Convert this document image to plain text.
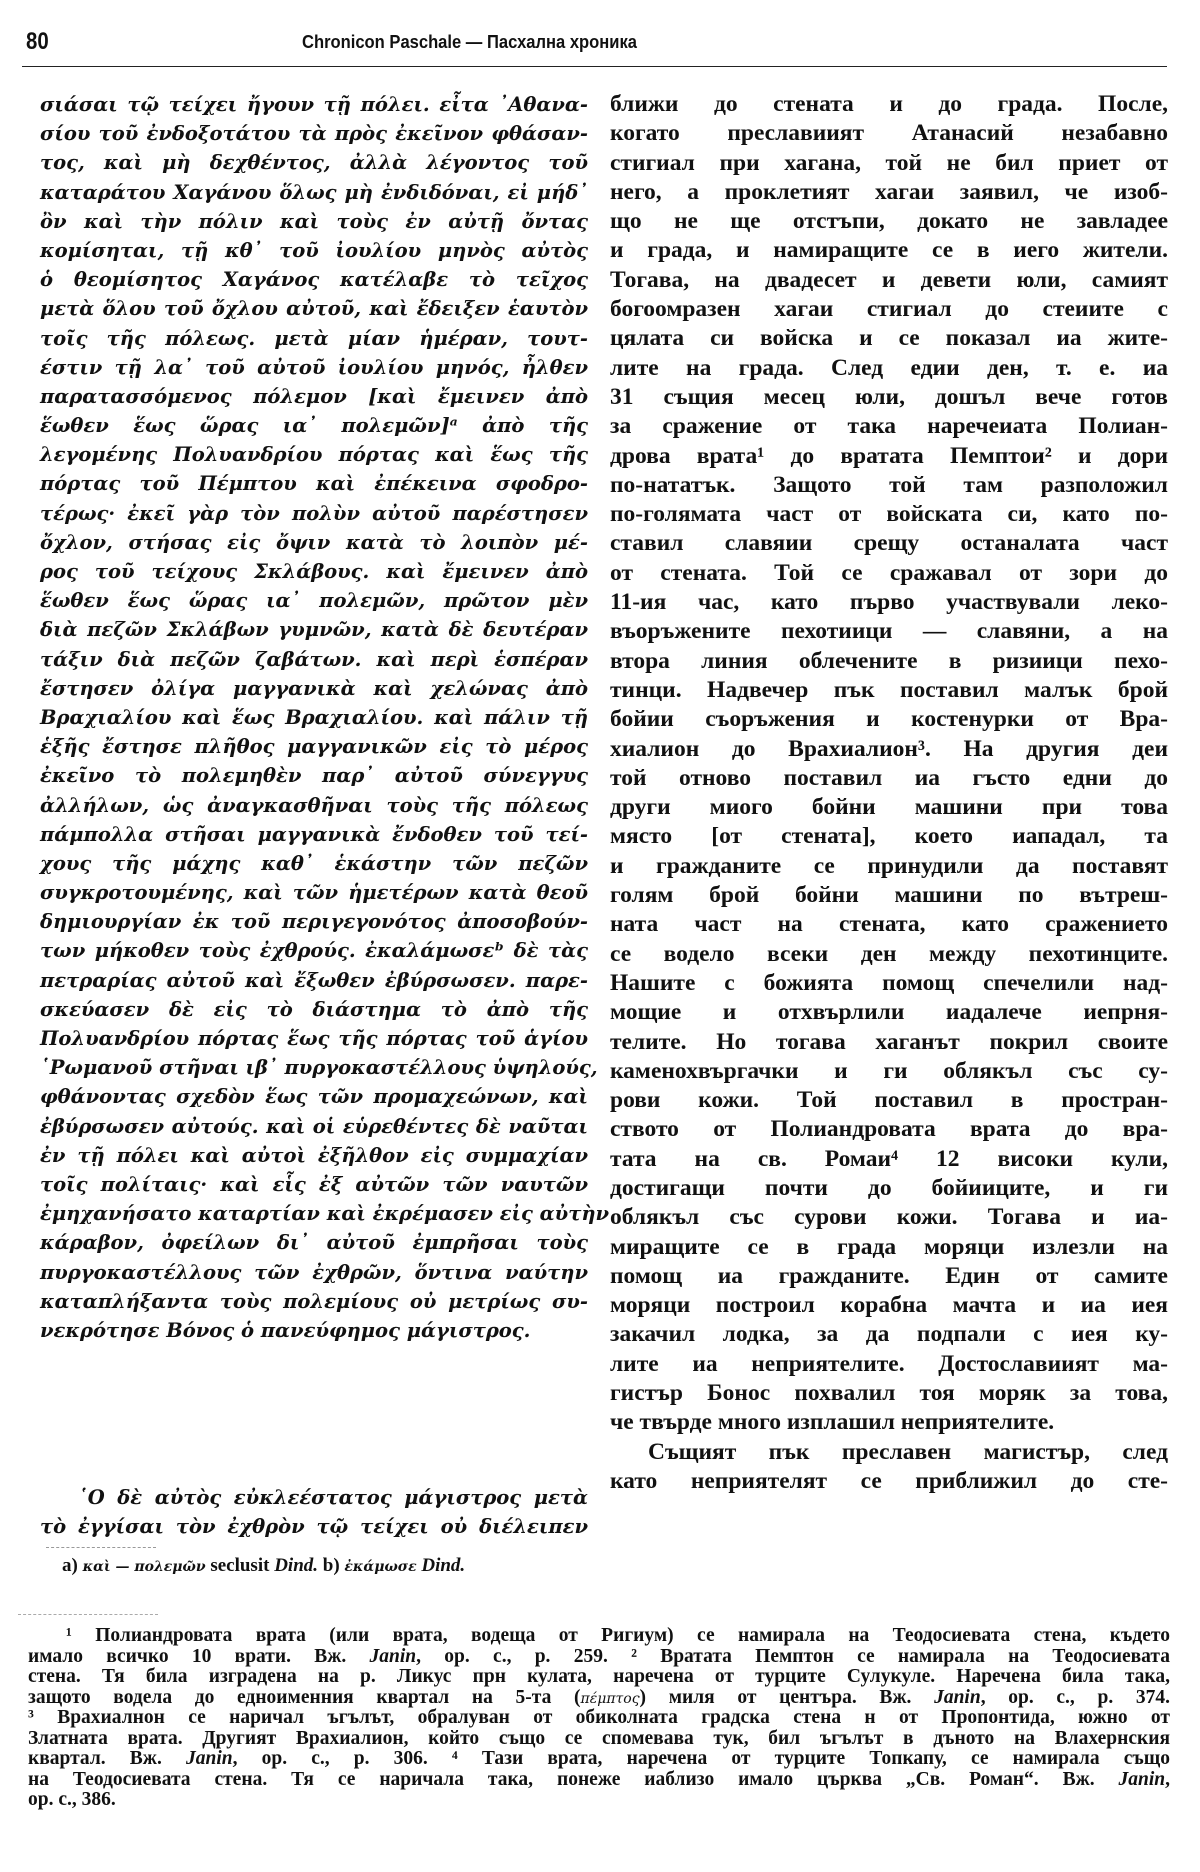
80	Chronicon Paschale — Пасхална хроника
σιάσαι τῷ τείχει ἤγουν τῇ πόλει. εἶτα ᾽Αθανα-
σίου τοῦ ἐνδοξοτάτου τὰ πρὸς ἐκεῖνον φθάσαν-
τος, καὶ μὴ δεχθέντος, ἀλλὰ λέγοντος τοῦ
καταράτου Χαγάνου ὅλως μὴ ἐνδιδόναι, εἰ μήδ᾽
ὂν καὶ τὴν πόλιν καὶ τοὺς ἐν αὐτῇ ὄντας
κομίσηται, τῇ κθ᾽ τοῦ ἰουλίου μηνὸς αὐτὸς
ὁ θεομίσητος Χαγάνος κατέλαβε τὸ τεῖχος
μετὰ ὅλου τοῦ ὄχλου αὐτοῦ, καὶ ἔδειξεν ἑαυτὸν
τοῖς τῆς πόλεως. μετὰ μίαν ἡμέραν, τουτ-
έστιν τῇ λα᾽ τοῦ αὐτοῦ ἰουλίου μηνός, ἦλθεν
παρατασσόμενος πόλεμον [καὶ ἔμεινεν ἀπὸ
ἕωθεν ἕως ὥρας ια᾽ πολεμῶν]ᵃ ἀπὸ τῆς
λεγομένης Πολυανδρίου πόρτας καὶ ἕως τῆς
πόρτας τοῦ Πέμπτου καὶ ἐπέκεινα σφοδρο-
τέρως· ἐκεῖ γὰρ τὸν πολὺν αὐτοῦ παρέστησεν
ὄχλον, στήσας εἰς ὄψιν κατὰ τὸ λοιπὸν μέ-
ρος τοῦ τείχους Σκλάβους. καὶ ἔμεινεν ἀπὸ
ἕωθεν ἕως ὥρας ια᾽ πολεμῶν, πρῶτον μὲν
διὰ πεζῶν Σκλάβων γυμνῶν, κατὰ δὲ δευτέραν
τάξιν διὰ πεζῶν ζαβάτων. καὶ περὶ ἑσπέραν
ἔστησεν ὀλίγα μαγγανικὰ καὶ χελώνας ἀπὸ
Βραχιαλίου καὶ ἕως Βραχιαλίου. καὶ πάλιν τῇ
ἑξῆς ἔστησε πλῆθος μαγγανικῶν εἰς τὸ μέρος
ἐκεῖνο τὸ πολεμηθὲν παρ᾽ αὐτοῦ σύνεγγυς
ἀλλήλων, ὡς ἀναγκασθῆναι τοὺς τῆς πόλεως
πάμπολλα στῆσαι μαγγανικὰ ἔνδοθεν τοῦ τεί-
χους τῆς μάχης καθ᾽ ἑκάστην τῶν πεζῶν
συγκροτουμένης, καὶ τῶν ἡμετέρων κατὰ θεοῦ
δημιουργίαν ἐκ τοῦ περιγεγονότος ἀποσοβούν-
των μήκοθεν τοὺς ἐχθρούς. ἐκαλάμωσεᵇ δὲ τὰς
πετραρίας αὐτοῦ καὶ ἔξωθεν ἐβύρσωσεν. παρε-
σκεύασεν δὲ εἰς τὸ διάστημα τὸ ἀπὸ τῆς
Πολυανδρίου πόρτας ἕως τῆς πόρτας τοῦ ἁγίου
῾Ρωμανοῦ στῆναι ιβ᾽ πυργοκαστέλλους ὑψηλούς,
φθάνοντας σχεδὸν ἕως τῶν προμαχεώνων, καὶ
ἐβύρσωσεν αὐτούς. καὶ οἱ εὑρεθέντες δὲ ναῦται
ἐν τῇ πόλει καὶ αὐτοὶ ἐξῆλθον εἰς συμμαχίαν
τοῖς πολίταις· καὶ εἷς ἐξ αὐτῶν τῶν ναυτῶν
ἐμηχανήσατο καταρτίαν καὶ ἐκρέμασεν εἰς αὐτὴν
κάραβον, ὀφείλων δι᾽ αὐτοῦ ἐμπρῆσαι τοὺς
πυργοκαστέλλους τῶν ἐχθρῶν, ὅντινα ναύτην
καταπλήξαντα τοὺς πολεμίους οὐ μετρίως συ-
νεκρότησε Βόνος ὁ πανεύφημος μάγιστρος.
ближи до стената и до града. После,
когато преславиият Атанасий незабавно
стигиал при хагана, той не бил приет от
него, а проклетият хагаи заявил, че изоб-
що не ще отстъпи, докато не завладее
и града, и намиращите се в иего жители.
Тогава, на двадесет и девети юли, самият
богоомразен хагаи стигиал до стеиите с
цялата си войска и се показал иа жите-
лите на града. След едии ден, т. е. иа
31 същия месец юли, дошъл вече готов
за сражение от така наречеиата Полиан-
дрова врата¹ до вратата Пемптои² и дори
по-нататък. Защото той там разположил
по-голямата част от войската си, като по-
ставил славяии срещу останалата част
от стената. Той се сражавал от зори до
11-ия час, като първо участвували леко-
въоръжените пехотиици — славяни, а на
втора линия облечените в ризиици пехо-
тинци. Надвечер пък поставил малък брой
бойии съоръжения и костенурки от Вра-
хиалион до Врахиалион³. На другия деи
той отново поставил иа гъсто едни до
други миого бойни машини при това
място [от стената], което иападал, та
и гражданите се принудили да поставят
голям брой бойни машини по вътреш-
ната част на стената, като сражението
се водело всеки ден между пехотинците.
Нашите с божията помощ спечелили над-
мощие и отхвърлили иадалече иепрня-
телите. Но тогава хаганът покрил своите
каменохвъргачки и ги облякъл със су-
рови кожи. Той поставил в простран-
ството от Полиандровата врата до вра-
тата на св. Ромаи⁴ 12 високи кули,
достигащи почти до бойииците, и ги
облякъл със сурови кожи. Тогава и иа-
миращите се в града моряци излезли на
помощ иа гражданите. Един от самите
моряци построил корабна мачта и иа иея
закачил лодка, за да подпали с иея ку-
лите иа неприятелите. Достославиият ма-
гистър Бонос похвалил тоя моряк за това,
че твърде много изплашил неприятелите.
Същият пък преславен магистър, след
като неприятелят се приближил до сте-
῾Ο δὲ αὐτὸς εὐκλεέστατος μάγιστρος μετὰ
τὸ ἐγγίσαι τὸν ἐχθρὸν τῷ τείχει οὐ διέλειπεν
a) καὶ — πολεμῶν seclusit Dind. b) ἐκάμωσε Dind.
¹ Полиандровата врата (или врата, водеща от Ригиум) се намирала на Теодосиевата стена, където
имало всичко 10 врати. Вж. Janin, op. c., p. 259. ² Вратата Пемптон се намирала на Теодосиевата
стена. Тя била изградена на р. Ликус прн кулата, наречена от турците Сулукуле. Наречена била така,
защото водела до едноименния квартал на 5-та (πέμπτος) миля от центъра. Вж. Janin, op. c., p. 374.
³ Врахиалнон се наричал ъгълът, обрaлуван от обиколната градска стена н от Пропонтида, южно от
Златната врата. Другият Врахиалион, който също се спомевава тук, бил ъгълът в дъното на Влахернския
квартал. Вж. Janin, op. c., p. 306. ⁴ Тази врата, наречена от турците Топкапу, се намирала също
на Теодосиевата стена. Тя се наричала така, понеже иаблизо имало църква „Св. Роман“. Вж. Janin,
op. c., 386.
